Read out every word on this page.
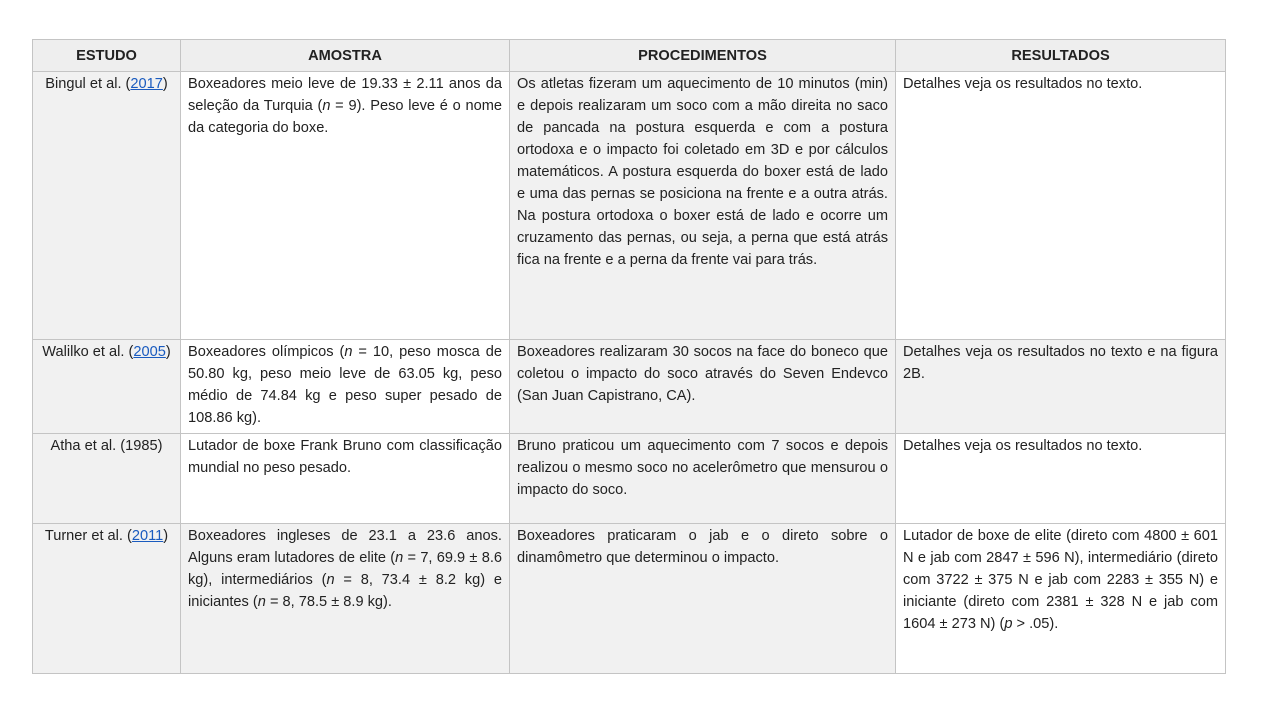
ESTUDO	AMOSTRA	PROCEDIMENTOS	RESULTADOS
Bingul et al. (2017)	Boxeadores meio leve de 19.33 ± 2.11 anos da seleção da Turquia (n = 9). Peso leve é o nome da categoria do boxe.	Os atletas fizeram um aquecimento de 10 minutos (min) e depois realizaram um soco com a mão direita no saco de pancada na postura esquerda e com a postura ortodoxa e o impacto foi coletado em 3D e por cálculos matemáticos. A postura esquerda do boxer está de lado e uma das pernas se posiciona na frente e a outra atrás. Na postura ortodoxa o boxer está de lado e ocorre um cruzamento das pernas, ou seja, a perna que está atrás fica na frente e a perna da frente vai para trás.	Detalhes veja os resultados no texto.
Walilko et al. (2005)	Boxeadores olímpicos (n = 10, peso mosca de 50.80 kg, peso meio leve de 63.05 kg, peso médio de 74.84 kg e peso super pesado de 108.86 kg).	Boxeadores realizaram 30 socos na face do boneco que coletou o impacto do soco através do Seven Endevco (San Juan Capistrano, CA).	Detalhes veja os resultados no texto e na figura 2B.
Atha et al. (1985)	Lutador de boxe Frank Bruno com classificação mundial no peso pesado.	Bruno praticou um aquecimento com 7 socos e depois realizou o mesmo soco no acelerômetro que mensurou o impacto do soco.	Detalhes veja os resultados no texto.
Turner et al. (2011)	Boxeadores ingleses de 23.1 a 23.6 anos. Alguns eram lutadores de elite (n = 7, 69.9 ± 8.6 kg), intermediários (n = 8, 73.4 ± 8.2 kg) e iniciantes (n = 8, 78.5 ± 8.9 kg).	Boxeadores praticaram o jab e o direto sobre o dinamômetro que determinou o impacto.	Lutador de boxe de elite (direto com 4800 ± 601 N e jab com 2847 ± 596 N), intermediário (direto com 3722 ± 375 N e jab com 2283 ± 355 N) e iniciante (direto com 2381 ± 328 N e jab com 1604 ± 273 N) (p > .05).
